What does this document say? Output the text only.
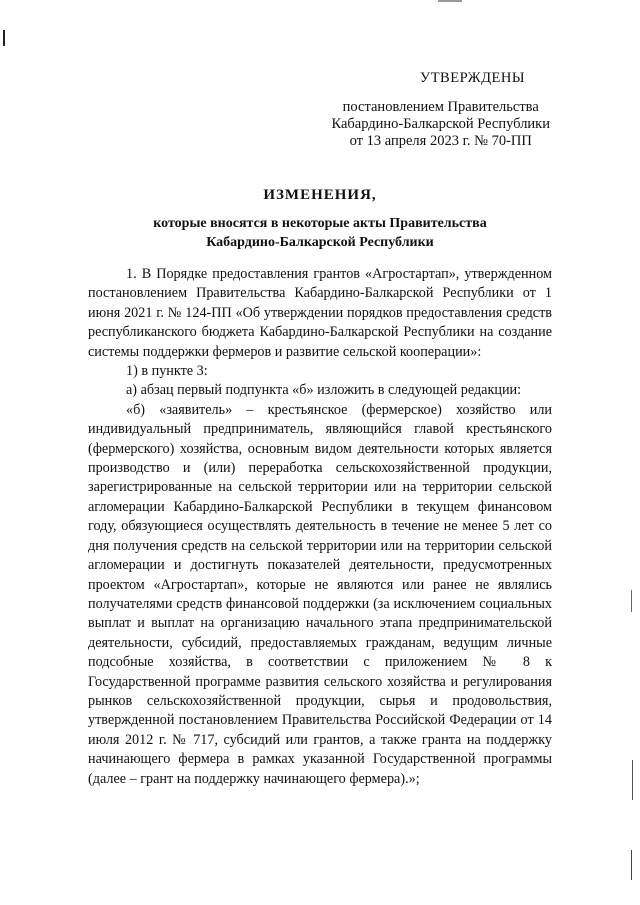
УТВЕРЖДЕНЫ
постановлением Правительства
Кабардино-Балкарской Республики
от 13 апреля 2023 г. № 70-ПП
ИЗМЕНЕНИЯ,
которые вносятся в некоторые акты Правительства
Кабардино-Балкарской Республики

1. В Порядке предоставления грантов «Агростартап», утвержденном постановлением Правительства Кабардино-Балкарской Республики от 1 июня 2021 г. № 124-ПП «Об утверждении порядков предоставления средств республиканского бюджета Кабардино-Балкарской Республики на создание системы поддержки фермеров и развитие сельской кооперации»:

1) в пункте 3:

а) абзац первый подпункта «б» изложить в следующей редакции:

«б) «заявитель» – крестьянское (фермерское) хозяйство или индивидуальный предприниматель, являющийся главой крестьянского (фермерского) хозяйства, основным видом деятельности которых является производство и (или) переработка сельскохозяйственной продукции, зарегистрированные на сельской территории или на территории сельской агломерации Кабардино-Балкарской Республики в текущем финансовом году, обязующиеся осуществлять деятельность в течение не менее 5 лет со дня получения средств на сельской территории или на территории сельской агломерации и достигнуть показателей деятельности, предусмотренных проектом «Агростартап», которые не являются или ранее не являлись получателями средств финансовой поддержки (за исключением социальных выплат и выплат на организацию начального этапа предпринимательской деятельности, субсидий, предоставляемых гражданам, ведущим личные подсобные хозяйства, в соответствии с приложением № 8 к Государственной программе развития сельского хозяйства и регулирования рынков сельскохозяйственной продукции, сырья и продовольствия, утвержденной постановлением Правительства Российской Федерации от 14 июля 2012 г. № 717, субсидий или грантов, а также гранта на поддержку начинающего фермера в рамках указанной Государственной программы (далее – грант на поддержку начинающего фермера).»;
